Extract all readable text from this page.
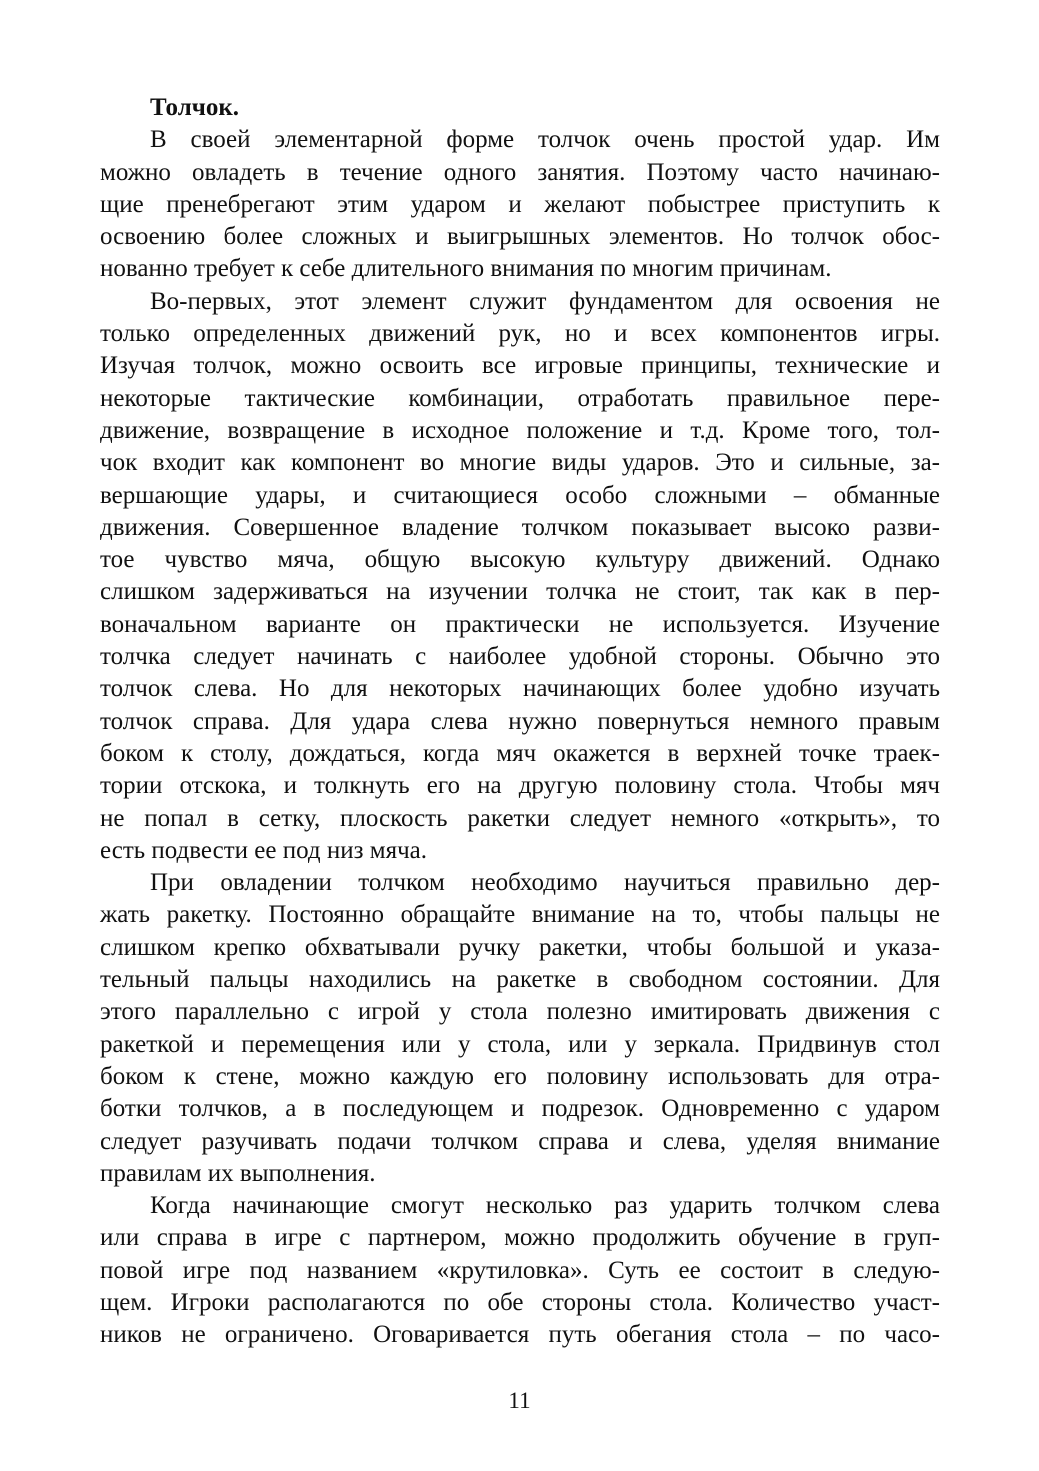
Толчок.

В своей элементарной форме толчок очень простой удар. Им
можно овладеть в течение одного занятия. Поэтому часто начинаю-
щие пренебрегают этим ударом и желают побыстрее приступить к
освоению более сложных и выигрышных элементов. Но толчок обос-
нованно требует к себе длительного внимания по многим причинам.

Во-первых, этот элемент служит фундаментом для освоения не
только определенных движений рук, но и всех компонентов игры.
Изучая толчок, можно освоить все игровые принципы, технические и
некоторые тактические комбинации, отработать правильное пере-
движение, возвращение в исходное положение и т.д. Кроме того, тол-
чок входит как компонент во многие виды ударов. Это и сильные, за-
вершающие удары, и считающиеся особо сложными – обманные
движения. Совершенное владение толчком показывает высоко разви-
тое чувство мяча, общую высокую культуру движений. Однако
слишком задерживаться на изучении толчка не стоит, так как в пер-
воначальном варианте он практически не используется. Изучение
толчка следует начинать с наиболее удобной стороны. Обычно это
толчок слева. Но для некоторых начинающих более удобно изучать
толчок справа. Для удара слева нужно повернуться немного правым
боком к столу, дождаться, когда мяч окажется в верхней точке траек-
тории отскока, и толкнуть его на другую половину стола. Чтобы мяч
не попал в сетку, плоскость ракетки следует немного «открыть», то
есть подвести ее под низ мяча.

При овладении толчком необходимо научиться правильно дер-
жать ракетку. Постоянно обращайте внимание на то, чтобы пальцы не
слишком крепко обхватывали ручку ракетки, чтобы большой и указа-
тельный пальцы находились на ракетке в свободном состоянии. Для
этого параллельно с игрой у стола полезно имитировать движения с
ракеткой и перемещения или у стола, или у зеркала. Придвинув стол
боком к стене, можно каждую его половину использовать для отра-
ботки толчков, а в последующем и подрезок. Одновременно с ударом
следует разучивать подачи толчком справа и слева, уделяя внимание
правилам их выполнения.

Когда начинающие смогут несколько раз ударить толчком слева
или справа в игре с партнером, можно продолжить обучение в груп-
повой игре под названием «крутиловка». Суть ее состоит в следую-
щем. Игроки располагаются по обе стороны стола. Количество участ-
ников не ограничено. Оговаривается путь обегания стола – по часо-

11
